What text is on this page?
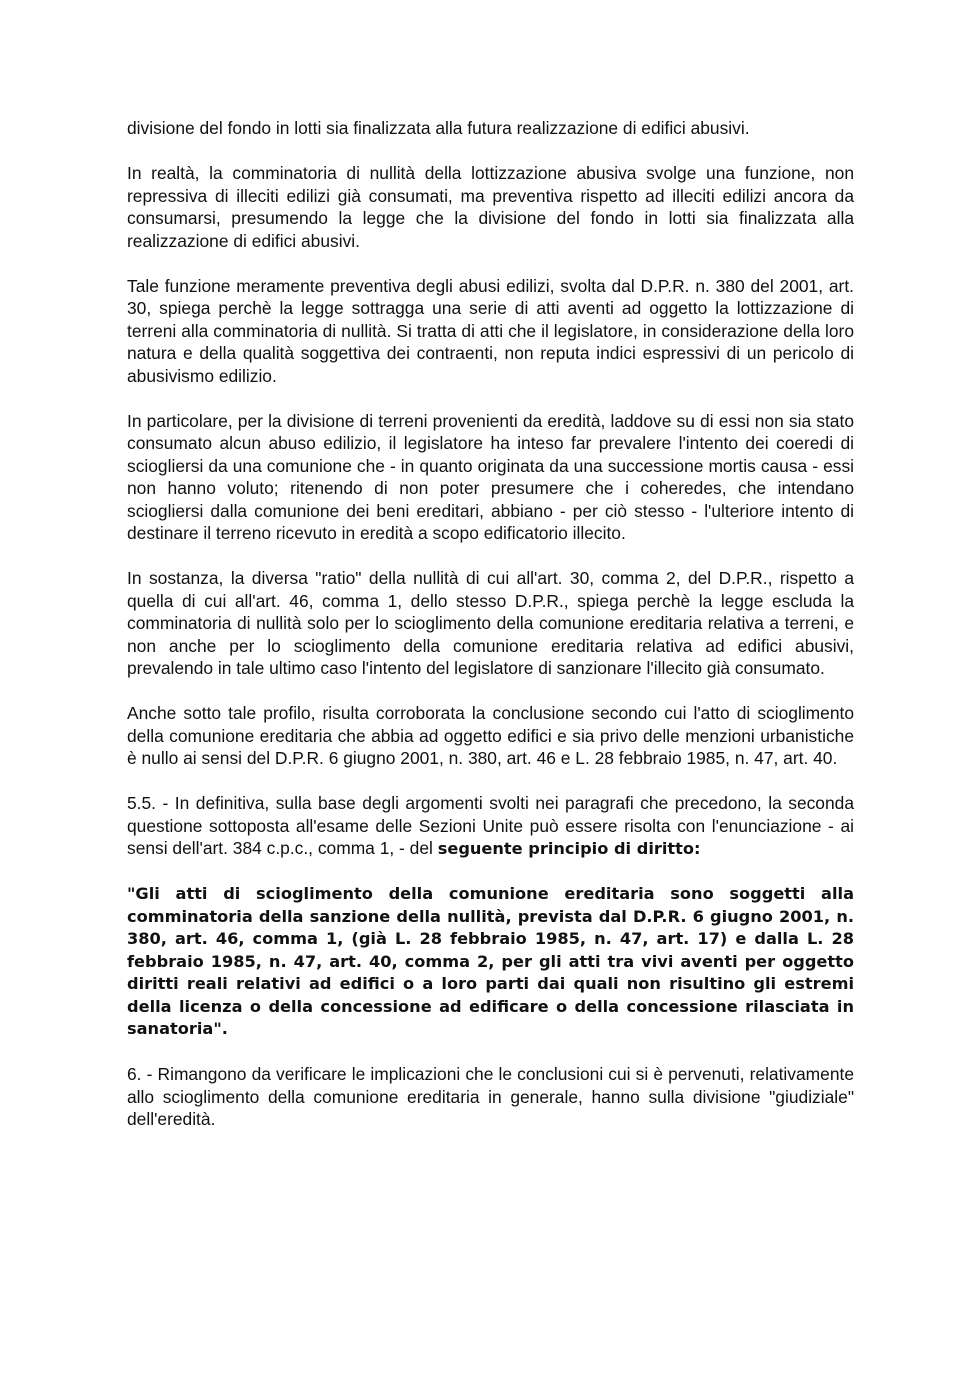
divisione del fondo in lotti sia finalizzata alla futura realizzazione di edifici abusivi.

In realtà, la comminatoria di nullità della lottizzazione abusiva svolge una funzione, non repressiva di illeciti edilizi già consumati, ma preventiva rispetto ad illeciti edilizi ancora da consumarsi, presumendo la legge che la divisione del fondo in lotti sia finalizzata alla realizzazione di edifici abusivi.

Tale funzione meramente preventiva degli abusi edilizi, svolta dal D.P.R. n. 380 del 2001, art. 30, spiega perchè la legge sottragga una serie di atti aventi ad oggetto la lottizzazione di terreni alla comminatoria di nullità. Si tratta di atti che il legislatore, in considerazione della loro natura e della qualità soggettiva dei contraenti, non reputa indici espressivi di un pericolo di abusivismo edilizio.

In particolare, per la divisione di terreni provenienti da eredità, laddove su di essi non sia stato consumato alcun abuso edilizio, il legislatore ha inteso far prevalere l'intento dei coeredi di sciogliersi da una comunione che - in quanto originata da una successione mortis causa - essi non hanno voluto; ritenendo di non poter presumere che i coheredes, che intendano sciogliersi dalla comunione dei beni ereditari, abbiano - per ciò stesso - l'ulteriore intento di destinare il terreno ricevuto in eredità a scopo edificatorio illecito.

In sostanza, la diversa "ratio" della nullità di cui all'art. 30, comma 2, del D.P.R., rispetto a quella di cui all'art. 46, comma 1, dello stesso D.P.R., spiega perchè la legge escluda la comminatoria di nullità solo per lo scioglimento della comunione ereditaria relativa a terreni, e non anche per lo scioglimento della comunione ereditaria relativa ad edifici abusivi, prevalendo in tale ultimo caso l'intento del legislatore di sanzionare l'illecito già consumato.

Anche sotto tale profilo, risulta corroborata la conclusione secondo cui l'atto di scioglimento della comunione ereditaria che abbia ad oggetto edifici e sia privo delle menzioni urbanistiche è nullo ai sensi del D.P.R. 6 giugno 2001, n. 380, art. 46 e L. 28 febbraio 1985, n. 47, art. 40.

5.5. - In definitiva, sulla base degli argomenti svolti nei paragrafi che precedono, la seconda questione sottoposta all'esame delle Sezioni Unite può essere risolta con l'enunciazione - ai sensi dell'art. 384 c.p.c., comma 1, - del seguente principio di diritto:

"Gli atti di scioglimento della comunione ereditaria sono soggetti alla comminatoria della sanzione della nullità, prevista dal D.P.R. 6 giugno 2001, n. 380, art. 46, comma 1, (già L. 28 febbraio 1985, n. 47, art. 17) e dalla L. 28 febbraio 1985, n. 47, art. 40, comma 2, per gli atti tra vivi aventi per oggetto diritti reali relativi ad edifici o a loro parti dai quali non risultino gli estremi della licenza o della concessione ad edificare o della concessione rilasciata in sanatoria".

6. - Rimangono da verificare le implicazioni che le conclusioni cui si è pervenuti, relativamente allo scioglimento della comunione ereditaria in generale, hanno sulla divisione "giudiziale" dell'eredità.
